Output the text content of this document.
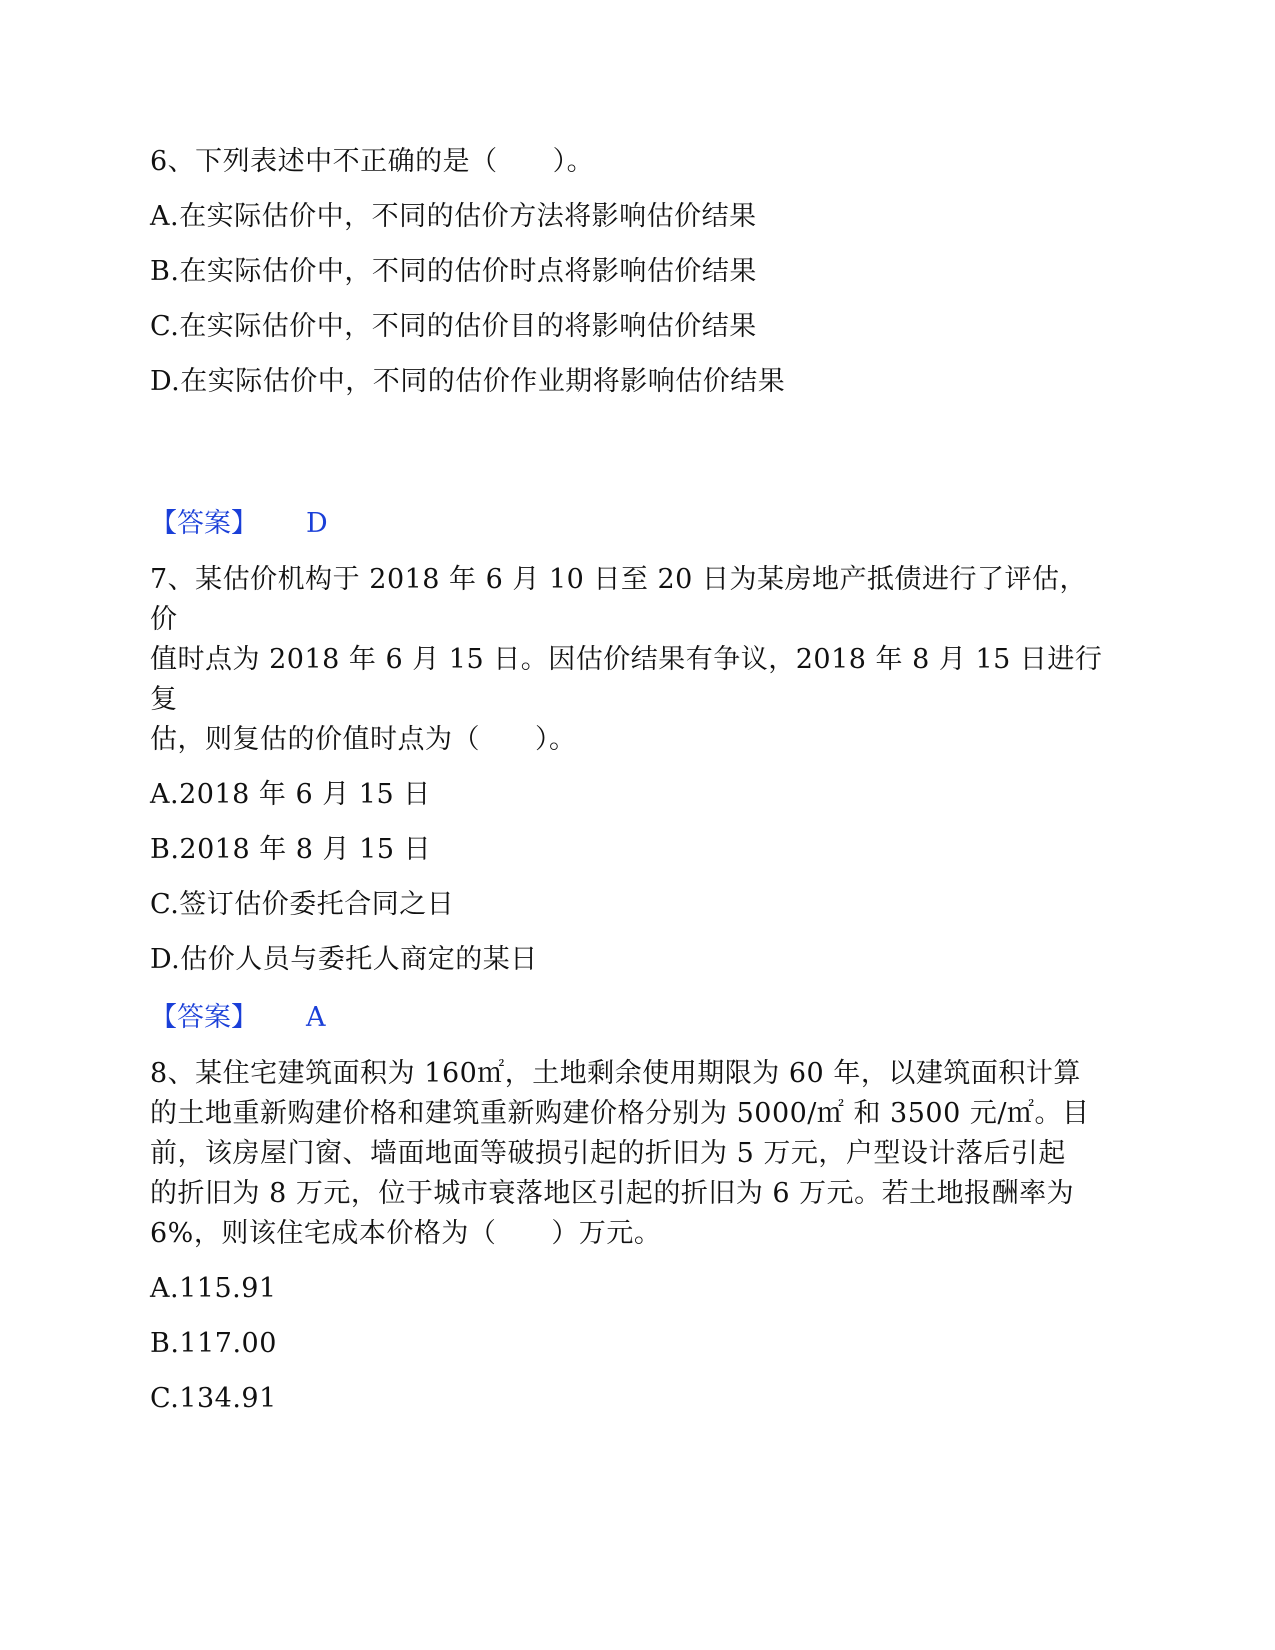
6、下列表述中不正确的是（　　）。

A.在实际估价中，不同的估价方法将影响估价结果

B.在实际估价中，不同的估价时点将影响估价结果

C.在实际估价中，不同的估价目的将影响估价结果

D.在实际估价中，不同的估价作业期将影响估价结果

【答案】 D

7、某估价机构于 2018 年 6 月 10 日至 20 日为某房地产抵债进行了评估，价

值时点为 2018 年 6 月 15 日。因估价结果有争议，2018 年 8 月 15 日进行复

估，则复估的价值时点为（　　）。

A.2018 年 6 月 15 日

B.2018 年 8 月 15 日

C.签订估价委托合同之日

D.估价人员与委托人商定的某日

【答案】 A

8、某住宅建筑面积为 160㎡，土地剩余使用期限为 60 年，以建筑面积计算

的土地重新购建价格和建筑重新购建价格分别为 5000/㎡ 和 3500 元/㎡。目

前，该房屋门窗、墙面地面等破损引起的折旧为 5 万元，户型设计落后引起

的折旧为 8 万元，位于城市衰落地区引起的折旧为 6 万元。若土地报酬率为

6%，则该住宅成本价格为（　　）万元。

A.115.91

B.117.00

C.134.91
